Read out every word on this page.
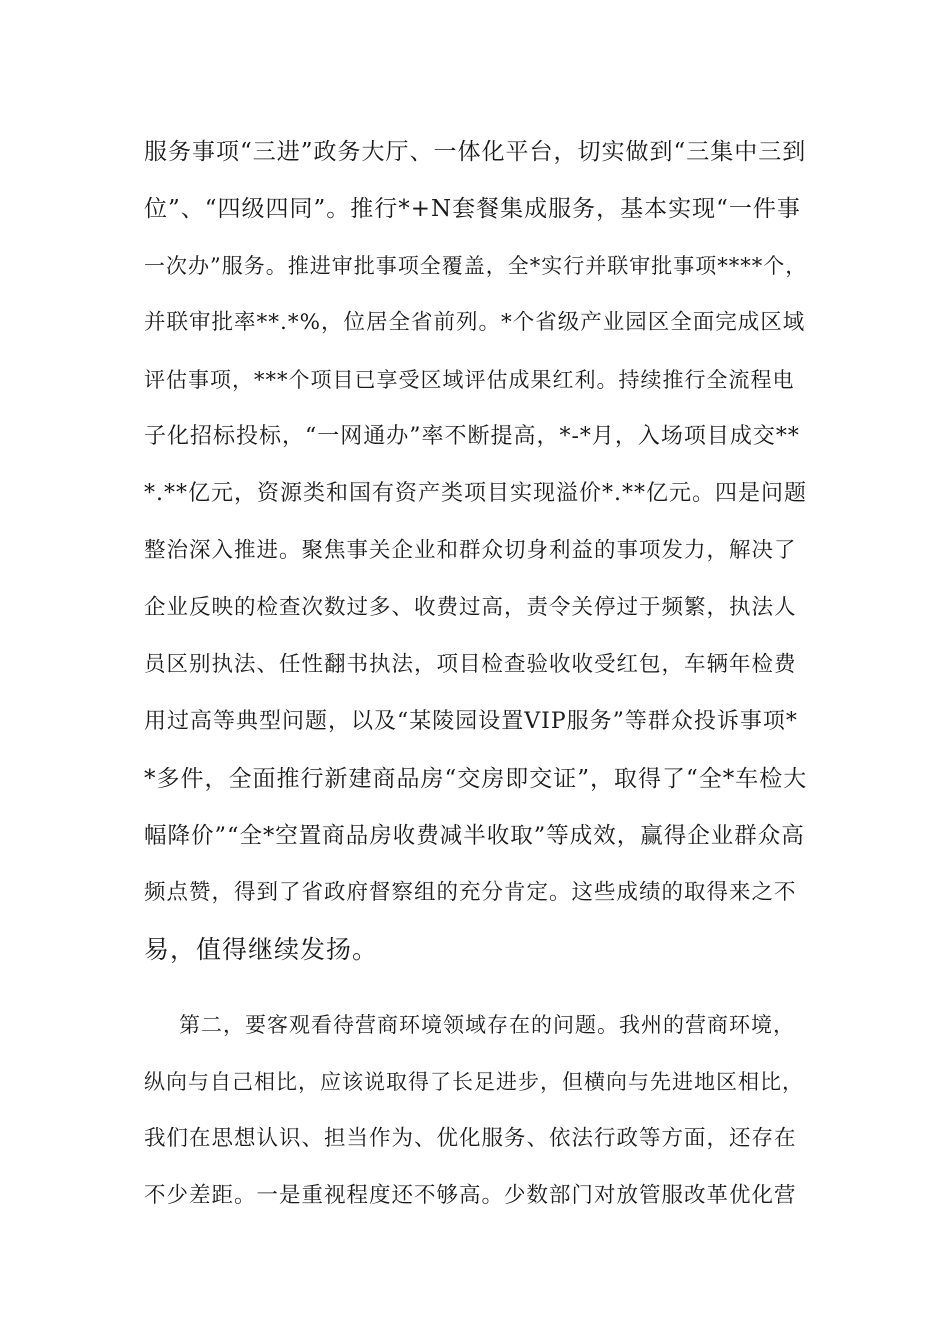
服务事项“三进”政务大厅、一体化平台，切实做到“三集中三到
位”、“四级四同”。推行*+N套餐集成服务，基本实现“一件事
一次办”服务。推进审批事项全覆盖，全*实行并联审批事项****个，
并联审批率**.*%，位居全省前列。*个省级产业园区全面完成区域
评估事项，***个项目已享受区域评估成果红利。持续推行全流程电
子化招标投标，“一网通办”率不断提高，*-*月，入场项目成交**
*.**亿元，资源类和国有资产类项目实现溢价*.**亿元。四是问题
整治深入推进。聚焦事关企业和群众切身利益的事项发力，解决了
企业反映的检查次数过多、收费过高，责令关停过于频繁，执法人
员区别执法、任性翻书执法，项目检查验收收受红包，车辆年检费
用过高等典型问题，以及“某陵园设置VIP服务”等群众投诉事项*
*多件，全面推行新建商品房“交房即交证”，取得了“全*车检大
幅降价”“全*空置商品房收费减半收取”等成效，赢得企业群众高
频点赞，得到了省政府督察组的充分肯定。这些成绩的取得来之不
易，值得继续发扬。
第二，要客观看待营商环境领域存在的问题。我州的营商环境，
纵向与自己相比，应该说取得了长足进步，但横向与先进地区相比，
我们在思想认识、担当作为、优化服务、依法行政等方面，还存在
不少差距。一是重视程度还不够高。少数部门对放管服改革优化营
